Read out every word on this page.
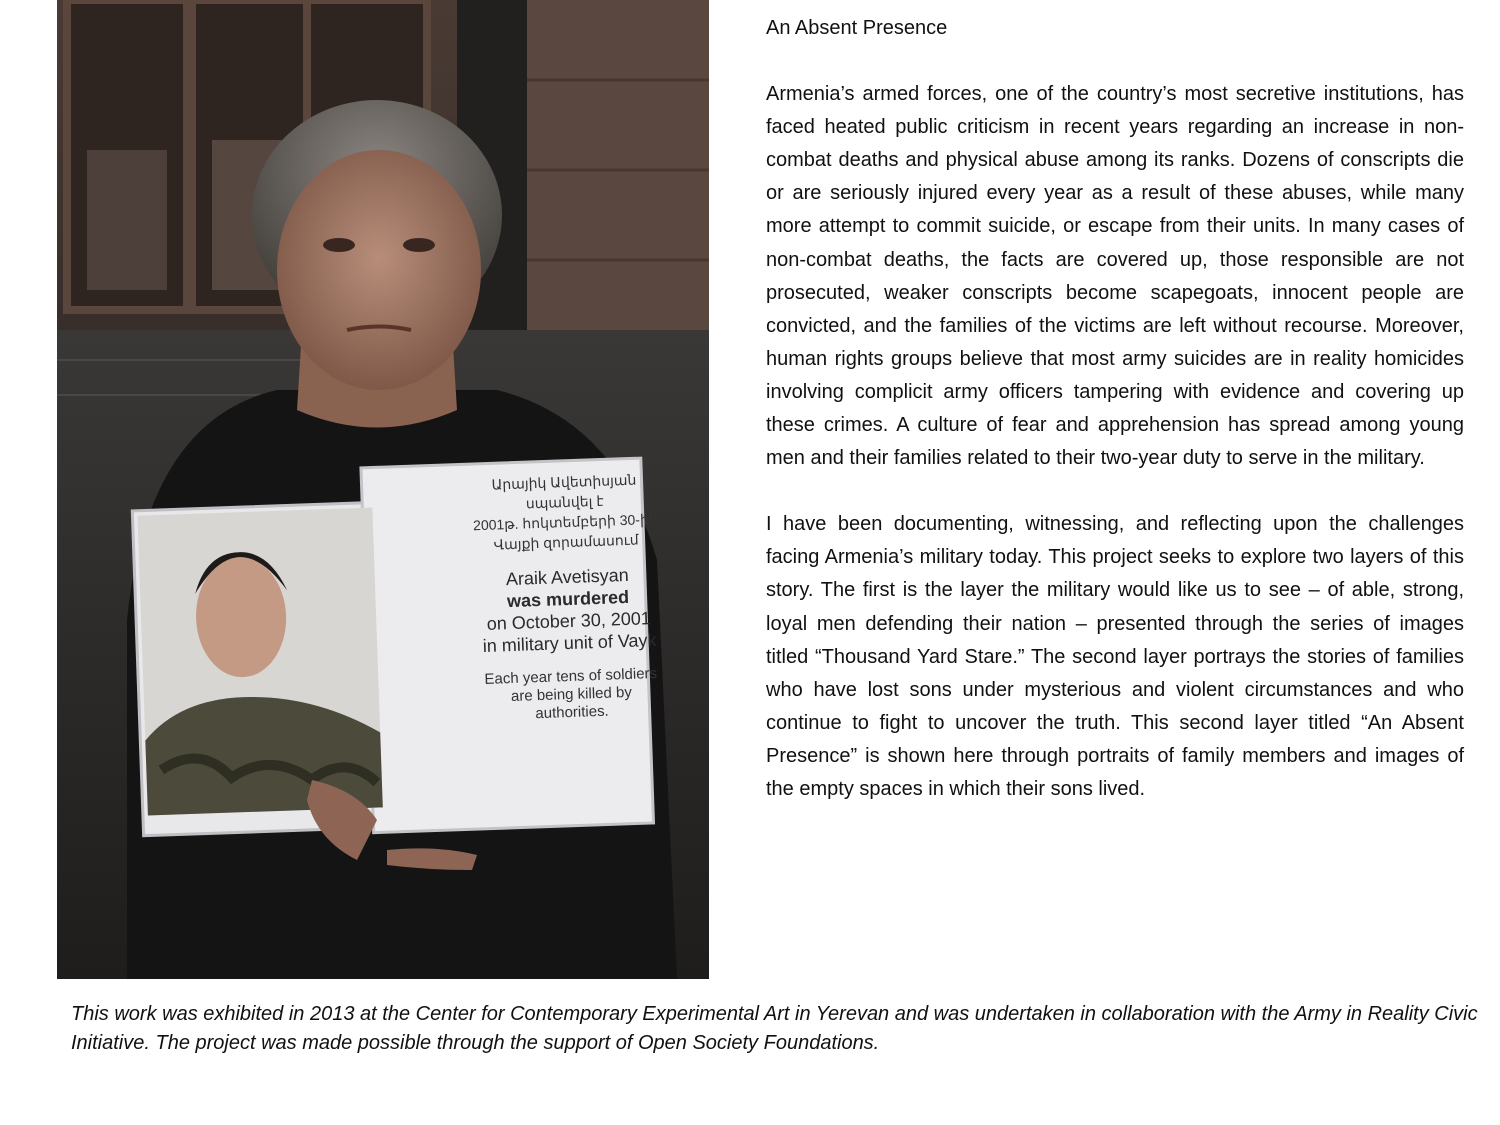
Արայիկ Ավետիսյան
սպանվել է
2001թ. հոկտեմբերի 30-ին
Վայքի զորամասում
Araik Avetisyan
was murdered
on October 30, 2001
in military unit of Vayk
Each year tens of soldiers
are being killed by
authorities.
An Absent Presence

Armenia’s armed forces, one of the country’s most secretive institutions, has faced heated public criticism in recent years regarding an increase in non-combat deaths and physical abuse among its ranks. Dozens of conscripts die or are seriously injured every year as a result of these abuses, while many more attempt to commit suicide, or escape from their units. In many cases of non-combat deaths, the facts are covered up, those responsible are not prosecuted, weaker conscripts become scapegoats, innocent people are convicted, and the families of the victims are left without recourse. Moreover, human rights groups believe that most army suicides are in reality homicides involving complicit army officers tampering with evidence and covering up these crimes. A culture of fear and apprehension has spread among young men and their families related to their two-year duty to serve in the military.

I have been documenting, witnessing, and reflecting upon the challenges facing Armenia’s military today. This project seeks to explore two layers of this story. The first is the layer the military would like us to see – of able, strong, loyal men defending their nation – presented through the series of images titled “Thousand Yard Stare.” The second layer portrays the stories of families who have lost sons under mysterious and violent circumstances and who continue to fight to uncover the truth. This second layer titled “An Absent Presence” is shown here through portraits of family members and images of the empty spaces in which their sons lived.

This work was exhibited in 2013 at the Center for Contemporary Experimental Art in Yerevan and was undertaken in collaboration with the Army in Reality Civic Initiative. The project was made possible through the support of Open Society Foundations.
